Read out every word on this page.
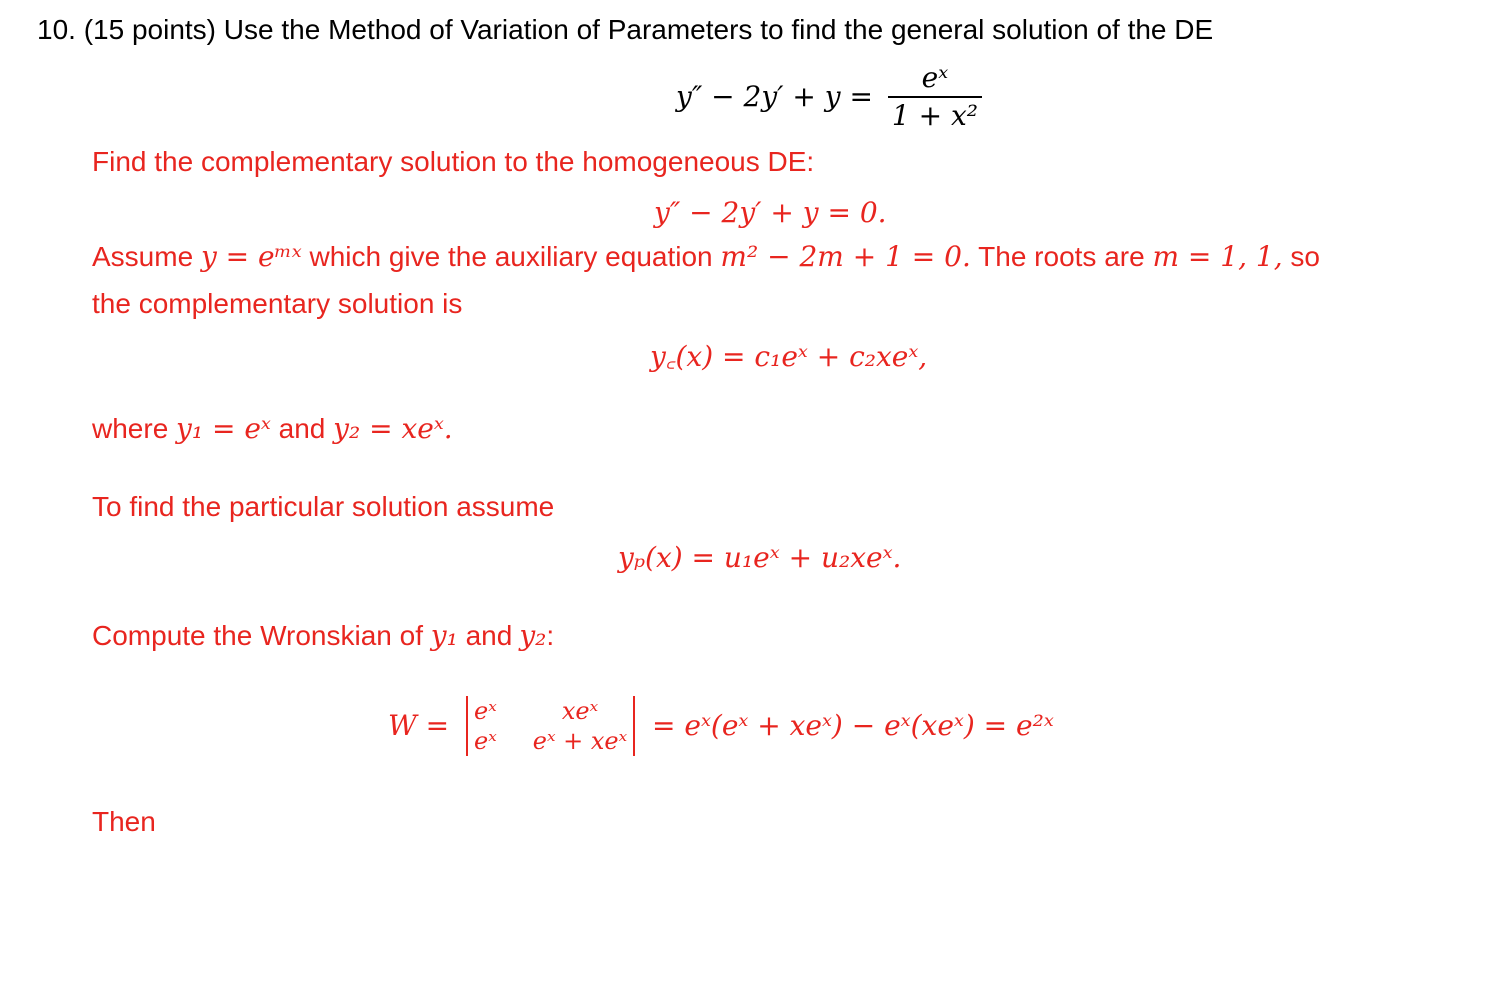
10. (15 points) Use the Method of Variation of Parameters to find the general solution of the DE
$y'' - 2y' + y = \frac{\text{eˣ}}{\text{1 + x²}}$
Find the complementary solution to the homogeneous DE:
y″ − 2y′ + y = 0.
Assume y = eᵐˣ which give the auxiliary equation m² − 2m + 1 = 0. The roots are m = 1, 1, so
the complementary solution is
y꜀(x) = c₁eˣ + c₂xeˣ,
where y₁ = eˣ and y₂ = xeˣ.
To find the particular solution assume
yₚ(x) = u₁eˣ + u₂xeˣ.
Compute the Wronskian of y₁ and y₂:
W = eˣ	xeˣ
eˣ eˣ + xeˣ = eˣ(eˣ + xeˣ) − eˣ(xeˣ) = e²ˣ
Then
